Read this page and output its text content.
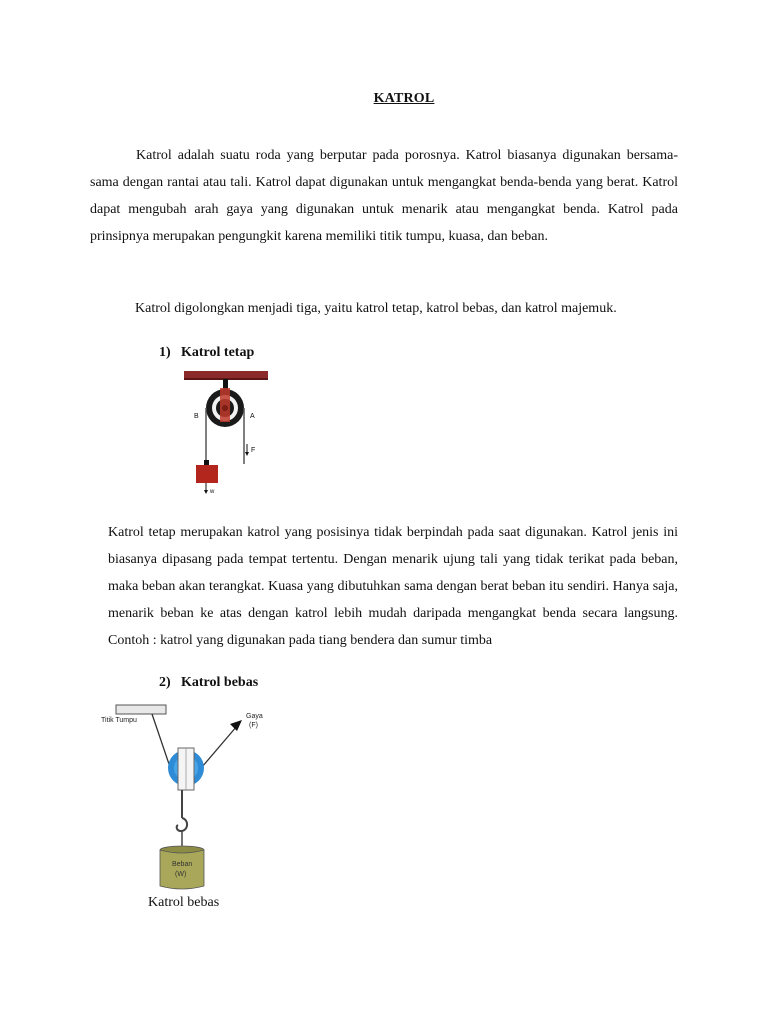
KATROL

Katrol adalah suatu roda yang berputar pada porosnya. Katrol biasanya digunakan bersama-sama dengan rantai atau tali. Katrol dapat digunakan untuk mengangkat benda-benda yang berat. Katrol dapat mengubah arah gaya yang digunakan untuk menarik atau mengangkat benda. Katrol pada prinsipnya merupakan pengungkit karena memiliki titik tumpu, kuasa, dan beban.

Katrol digolongkan menjadi tiga, yaitu katrol tetap, katrol bebas, dan katrol majemuk.

1) Katrol tetap
B	A
F
w

Katrol tetap merupakan katrol yang posisinya tidak berpindah pada saat digunakan. Katrol jenis ini biasanya dipasang pada tempat tertentu. Dengan menarik ujung tali yang tidak terikat pada beban, maka beban akan terangkat. Kuasa yang dibutuhkan sama dengan berat beban itu sendiri. Hanya saja, menarik beban ke atas dengan katrol lebih mudah daripada mengangkat benda secara langsung. Contoh : katrol yang digunakan pada tiang bendera dan sumur timba

2) Katrol bebas
Titik Tumpu
Gaya
(F)
Beban
(W)
Katrol bebas
